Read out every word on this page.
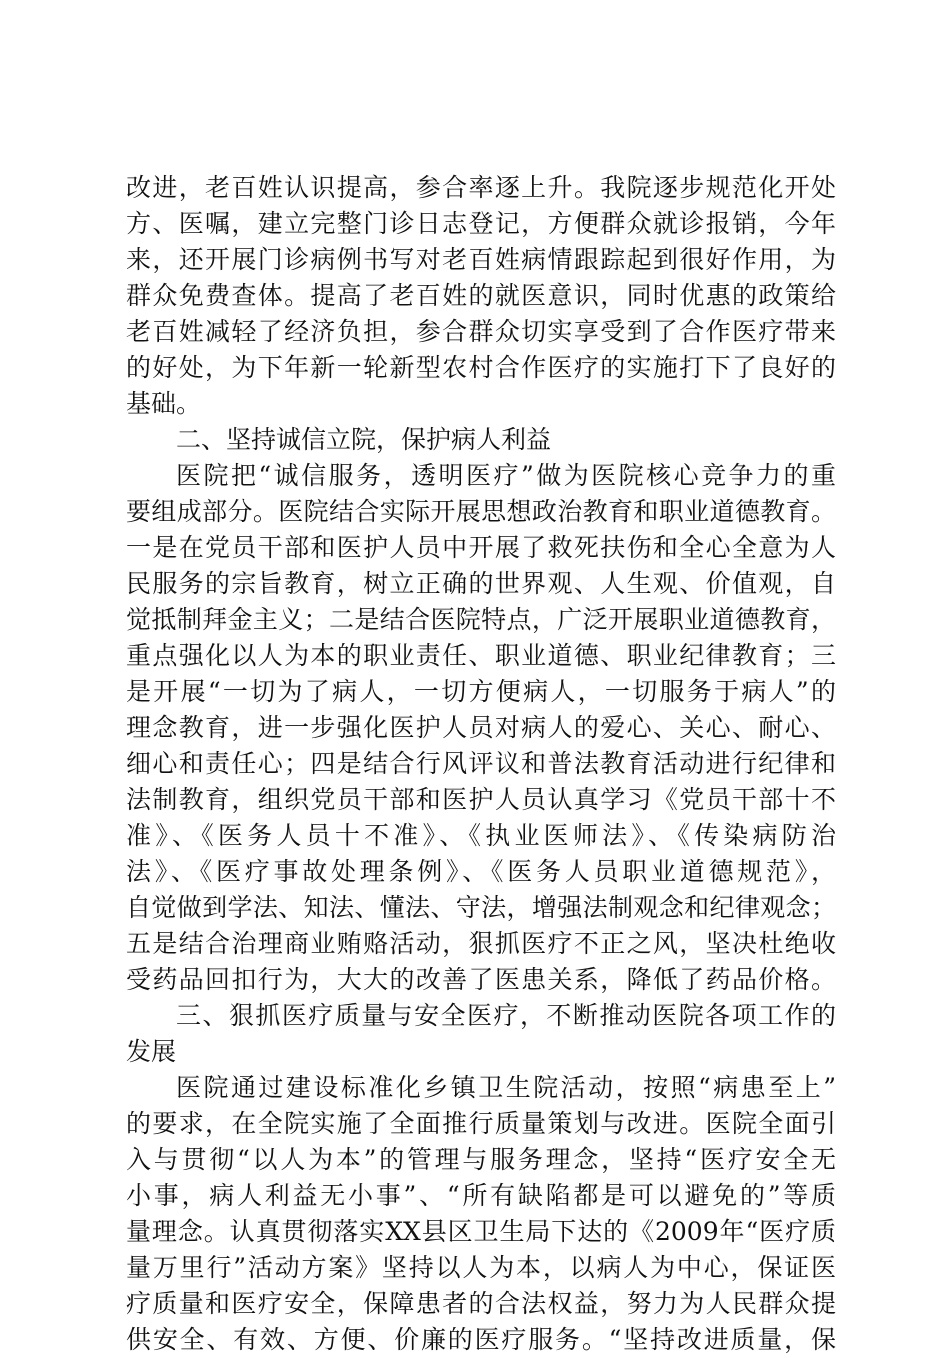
改进，老百姓认识提高，参合率逐上升。我院逐步规范化开处
方、医嘱，建立完整门诊日志登记，方便群众就诊报销，今年
来，还开展门诊病例书写对老百姓病情跟踪起到很好作用，为
群众免费查体。提高了老百姓的就医意识，同时优惠的政策给
老百姓减轻了经济负担，参合群众切实享受到了合作医疗带来
的好处，为下年新一轮新型农村合作医疗的实施打下了良好的
基础。
二、坚持诚信立院，保护病人利益
医院把“诚信服务，透明医疗”做为医院核心竞争力的重
要组成部分。医院结合实际开展思想政治教育和职业道德教育。
一是在党员干部和医护人员中开展了救死扶伤和全心全意为人
民服务的宗旨教育，树立正确的世界观、人生观、价值观，自
觉抵制拜金主义；二是结合医院特点，广泛开展职业道德教育，
重点强化以人为本的职业责任、职业道德、职业纪律教育；三
是开展“一切为了病人，一切方便病人，一切服务于病人”的
理念教育，进一步强化医护人员对病人的爱心、关心、耐心、
细心和责任心；四是结合行风评议和普法教育活动进行纪律和
法制教育，组织党员干部和医护人员认真学习《党员干部十不
准》、《医务人员十不准》、《执业医师法》、《传染病防治
法》、《医疗事故处理条例》、《医务人员职业道德规范》，
自觉做到学法、知法、懂法、守法，增强法制观念和纪律观念；
五是结合治理商业贿赂活动，狠抓医疗不正之风，坚决杜绝收
受药品回扣行为，大大的改善了医患关系，降低了药品价格。
三、狠抓医疗质量与安全医疗，不断推动医院各项工作的
发展
医院通过建设标准化乡镇卫生院活动，按照“病患至上”
的要求，在全院实施了全面推行质量策划与改进。医院全面引
入与贯彻“以人为本”的管理与服务理念，坚持“医疗安全无
小事，病人利益无小事”、“所有缺陷都是可以避免的”等质
量理念。认真贯彻落实XX县区卫生局下达的《2009年“医疗质
量万里行”活动方案》坚持以人为本，以病人为中心，保证医
疗质量和医疗安全，保障患者的合法权益，努力为人民群众提
供安全、有效、方便、价廉的医疗服务。“坚持改进质量，保
